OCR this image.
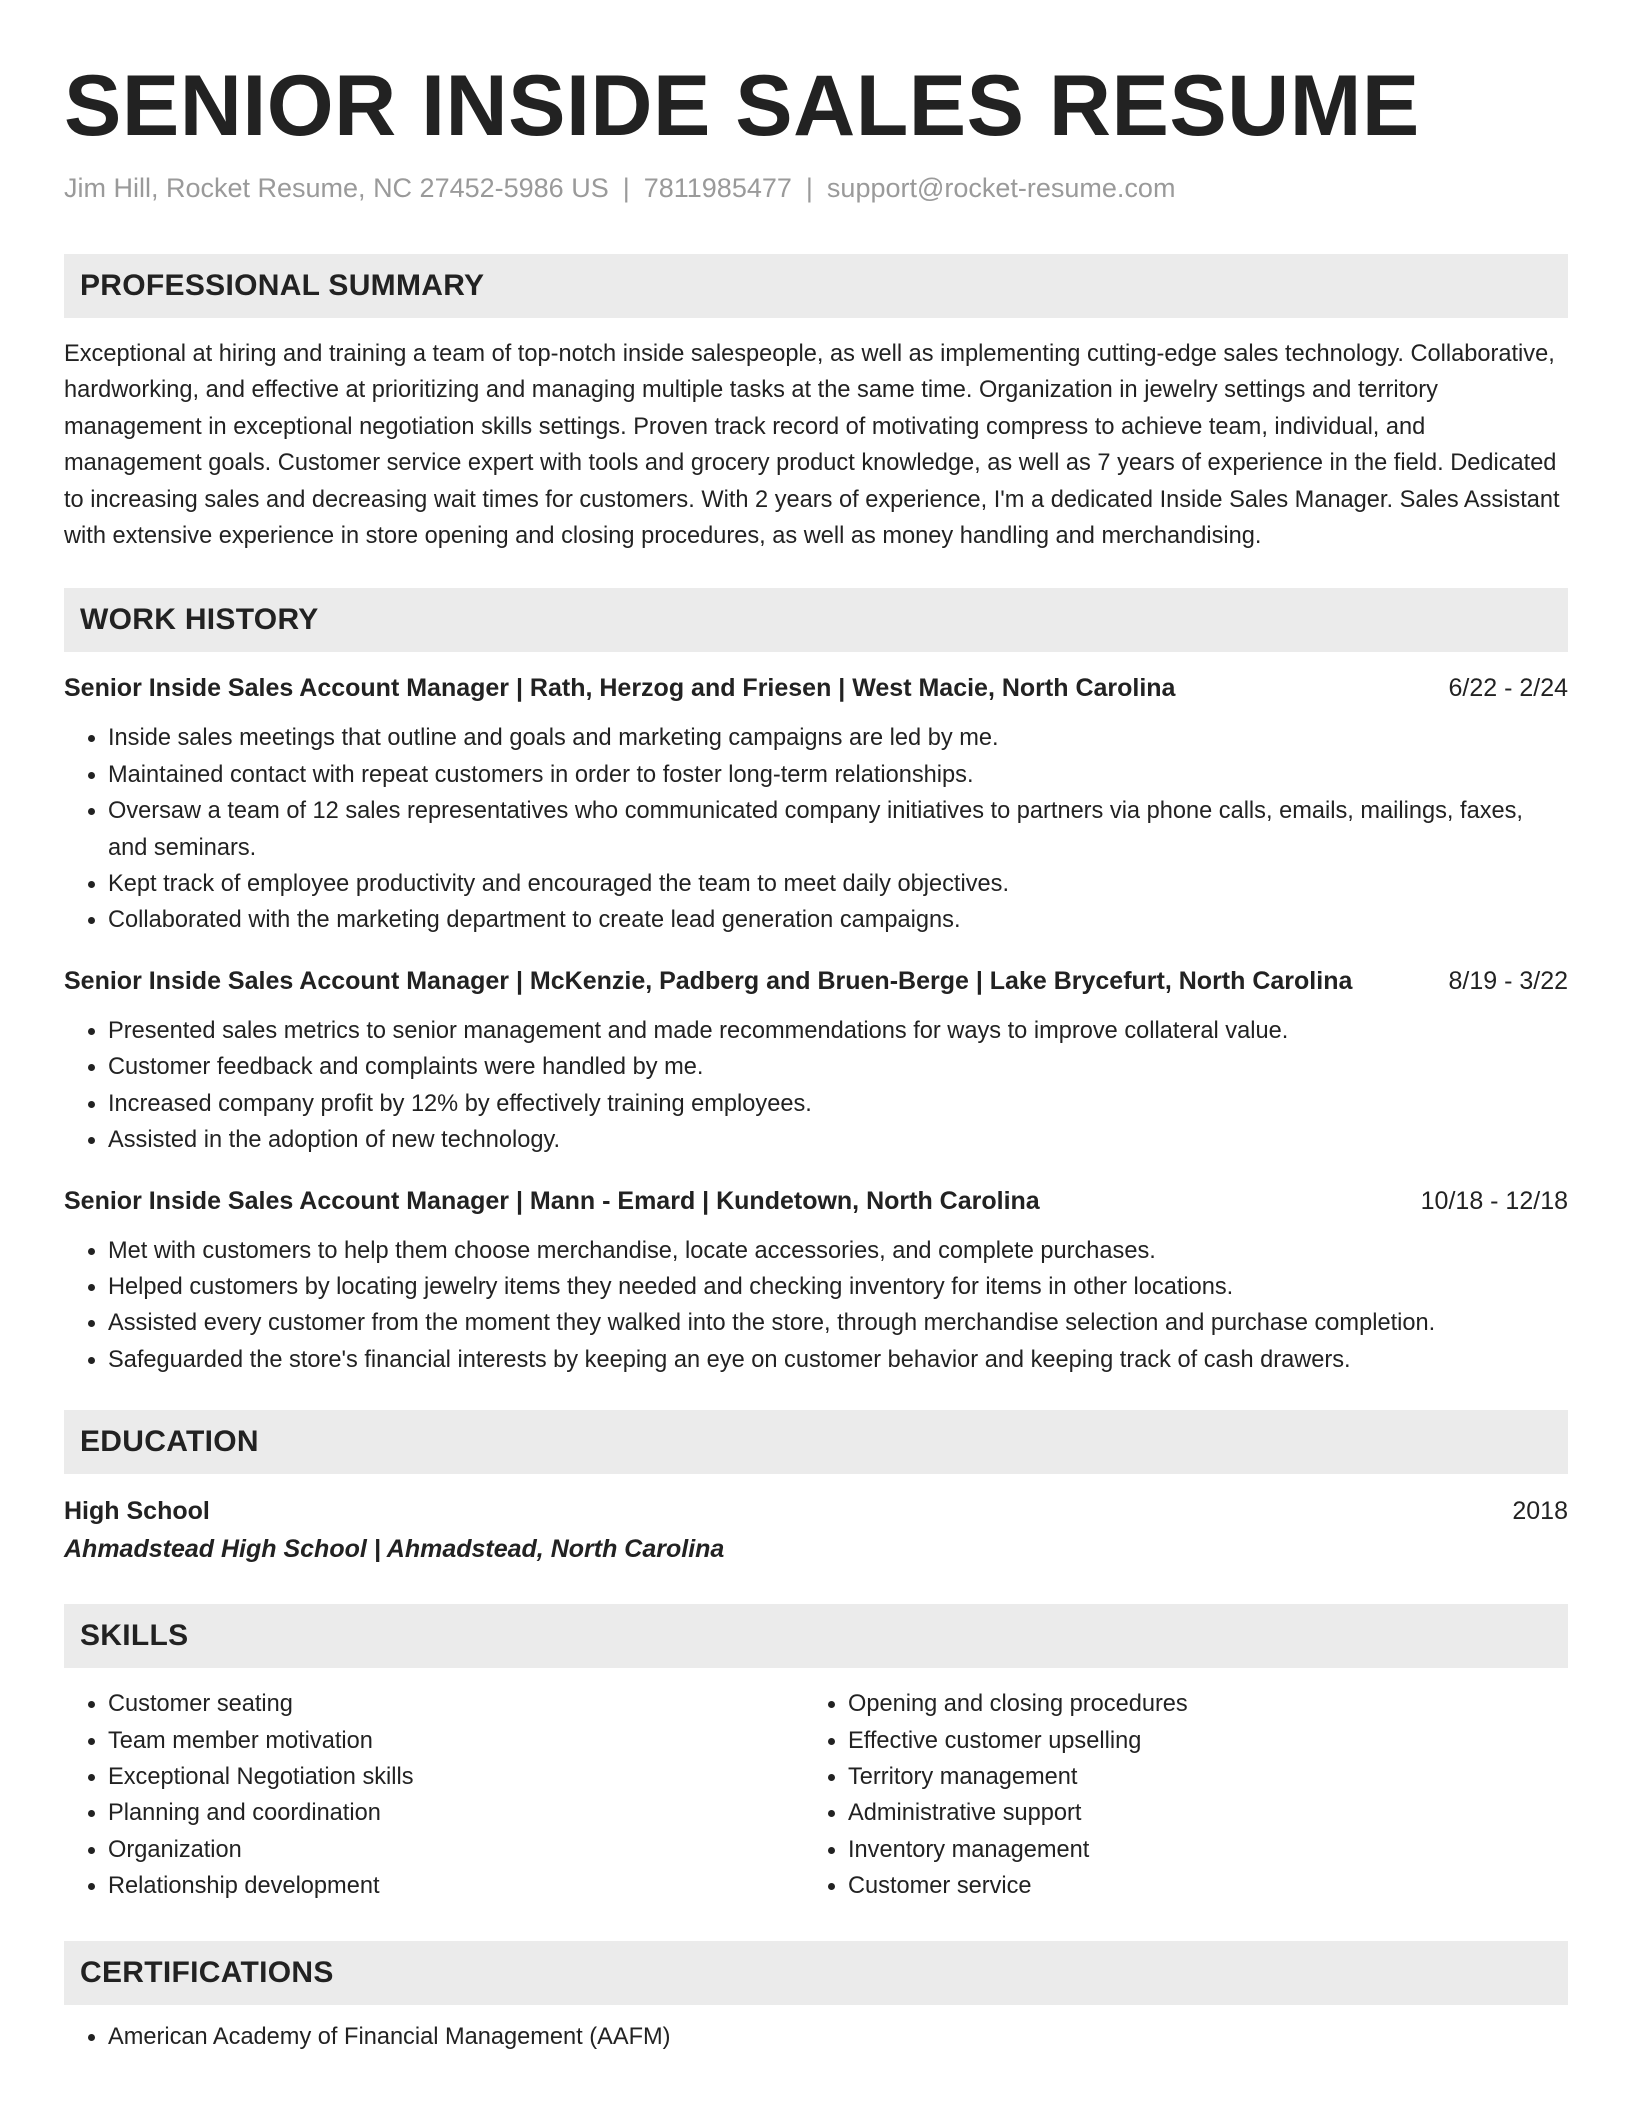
SENIOR INSIDE SALES RESUME
Jim Hill, Rocket Resume, NC 27452-5986 US | 7811985477 | support@rocket-resume.com
PROFESSIONAL SUMMARY
Exceptional at hiring and training a team of top-notch inside salespeople, as well as implementing cutting-edge sales technology. Collaborative, hardworking, and effective at prioritizing and managing multiple tasks at the same time. Organization in jewelry settings and territory management in exceptional negotiation skills settings. Proven track record of motivating compress to achieve team, individual, and management goals. Customer service expert with tools and grocery product knowledge, as well as 7 years of experience in the field. Dedicated to increasing sales and decreasing wait times for customers. With 2 years of experience, I'm a dedicated Inside Sales Manager. Sales Assistant with extensive experience in store opening and closing procedures, as well as money handling and merchandising.
WORK HISTORY
Senior Inside Sales Account Manager | Rath, Herzog and Friesen | West Macie, North Carolina	6/22 - 2/24
• Inside sales meetings that outline and goals and marketing campaigns are led by me.
• Maintained contact with repeat customers in order to foster long-term relationships.
• Oversaw a team of 12 sales representatives who communicated company initiatives to partners via phone calls, emails, mailings, faxes, and seminars.
• Kept track of employee productivity and encouraged the team to meet daily objectives.
• Collaborated with the marketing department to create lead generation campaigns.
Senior Inside Sales Account Manager | McKenzie, Padberg and Bruen-Berge | Lake Brycefurt, North Carolina	8/19 - 3/22
• Presented sales metrics to senior management and made recommendations for ways to improve collateral value.
• Customer feedback and complaints were handled by me.
• Increased company profit by 12% by effectively training employees.
• Assisted in the adoption of new technology.
Senior Inside Sales Account Manager | Mann - Emard | Kundetown, North Carolina	10/18 - 12/18
• Met with customers to help them choose merchandise, locate accessories, and complete purchases.
• Helped customers by locating jewelry items they needed and checking inventory for items in other locations.
• Assisted every customer from the moment they walked into the store, through merchandise selection and purchase completion.
• Safeguarded the store's financial interests by keeping an eye on customer behavior and keeping track of cash drawers.
EDUCATION
High School	2018
Ahmadstead High School | Ahmadstead, North Carolina
SKILLS
• Customer seating
• Team member motivation
• Exceptional Negotiation skills
• Planning and coordination
• Organization
• Relationship development
• Opening and closing procedures
• Effective customer upselling
• Territory management
• Administrative support
• Inventory management
• Customer service
CERTIFICATIONS
• American Academy of Financial Management (AAFM)
